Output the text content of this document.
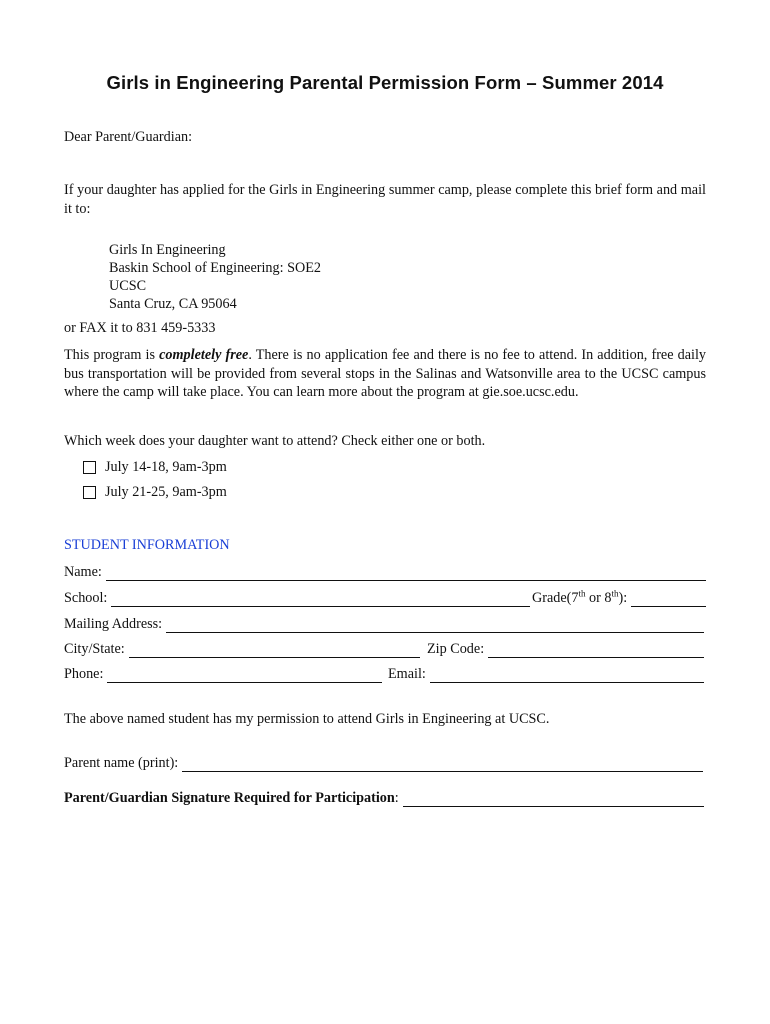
Girls in Engineering Parental Permission Form – Summer 2014
Dear Parent/Guardian:
If your daughter has applied for the Girls in Engineering summer camp, please complete this brief form and mail it to:
Girls In Engineering
Baskin School of Engineering: SOE2
UCSC
Santa Cruz, CA 95064
or FAX it to 831 459-5333
This program is completely free. There is no application fee and there is no fee to attend. In addition, free daily bus transportation will be provided from several stops in the Salinas and Watsonville area to the UCSC campus where the camp will take place. You can learn more about the program at gie.soe.ucsc.edu.
Which week does your daughter want to attend? Check either one or both.
July 14-18, 9am-3pm
July 21-25, 9am-3pm
STUDENT INFORMATION
Name:
School:	Grade(7th or 8th):
Mailing Address:
City/State:	Zip Code:
Phone:	Email:
The above named student has my permission to attend Girls in Engineering at UCSC.
Parent name (print):
Parent/Guardian Signature Required for Participation:
